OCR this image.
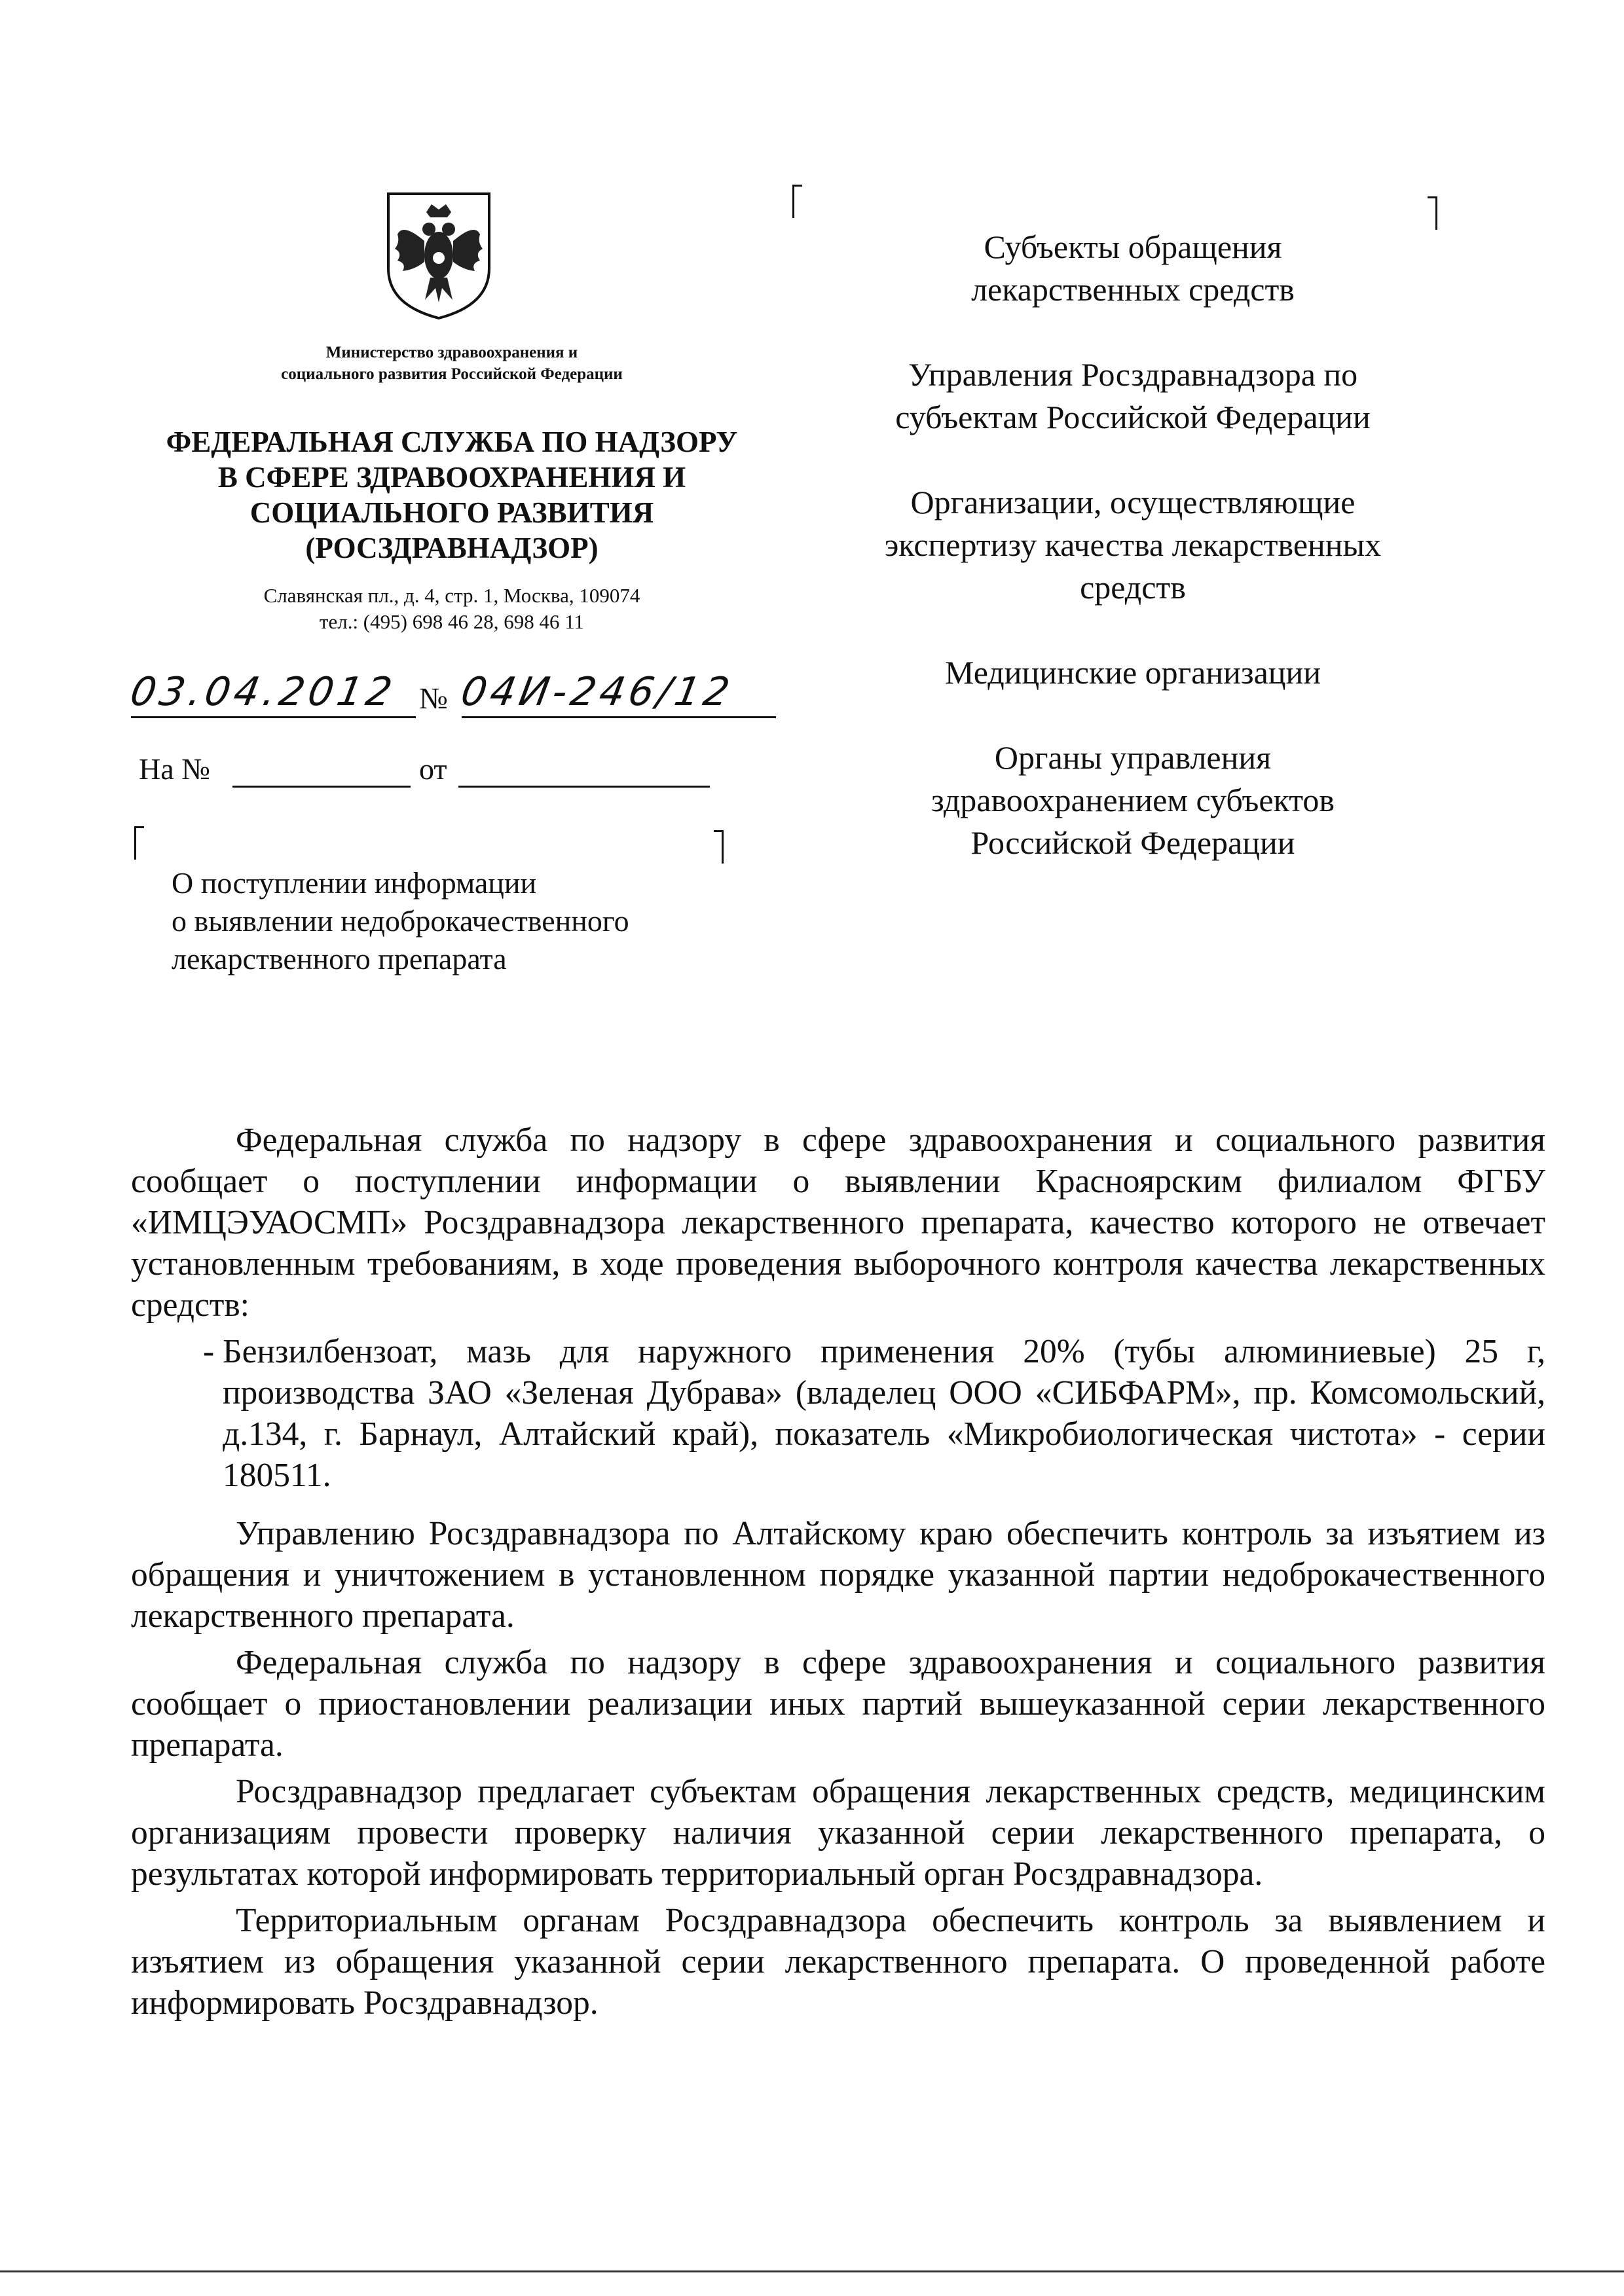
Министерство здравоохранения и
социального развития Российской Федерации
ФЕДЕРАЛЬНАЯ СЛУЖБА ПО НАДЗОРУ
В СФЕРЕ ЗДРАВООХРАНЕНИЯ И
СОЦИАЛЬНОГО РАЗВИТИЯ
(РОСЗДРАВНАДЗОР)
Славянская пл., д. 4, стр. 1, Москва, 109074
тел.: (495) 698 46 28, 698 46 11
03.04.2012 № 04И-246/12
На №	от
О поступлении информации
о выявлении недоброкачественного
лекарственного препарата
Субъекты обращения
лекарственных средств
Управления Росздравнадзора по
субъектам Российской Федерации
Организации, осуществляющие
экспертизу качества лекарственных
средств
Медицинские организации
Органы управления
здравоохранением субъектов
Российской Федерации

Федеральная служба по надзору в сфере здравоохранения и социального развития сообщает о поступлении информации о выявлении Красноярским филиалом ФГБУ «ИМЦЭУАОСМП» Росздравнадзора лекарственного препарата, качество которого не отвечает установленным требованиям, в ходе проведения выборочного контроля качества лекарственных средств:

- Бензилбензоат, мазь для наружного применения 20% (тубы алюминиевые) 25 г, производства ЗАО «Зеленая Дубрава» (владелец ООО «СИБФАРМ», пр. Комсомольский, д.134, г. Барнаул, Алтайский край), показатель «Микробиологическая чистота» - серии 180511.

Управлению Росздравнадзора по Алтайскому краю обеспечить контроль за изъятием из обращения и уничтожением в установленном порядке указанной партии недоброкачественного лекарственного препарата.

Федеральная служба по надзору в сфере здравоохранения и социального развития сообщает о приостановлении реализации иных партий вышеуказанной серии лекарственного препарата.

Росздравнадзор предлагает субъектам обращения лекарственных средств, медицинским организациям провести проверку наличия указанной серии лекарственного препарата, о результатах которой информировать территориальный орган Росздравнадзора.

Территориальным органам Росздравнадзора обеспечить контроль за выявлением и изъятием из обращения указанной серии лекарственного препарата. О проведенной работе информировать Росздравнадзор.
